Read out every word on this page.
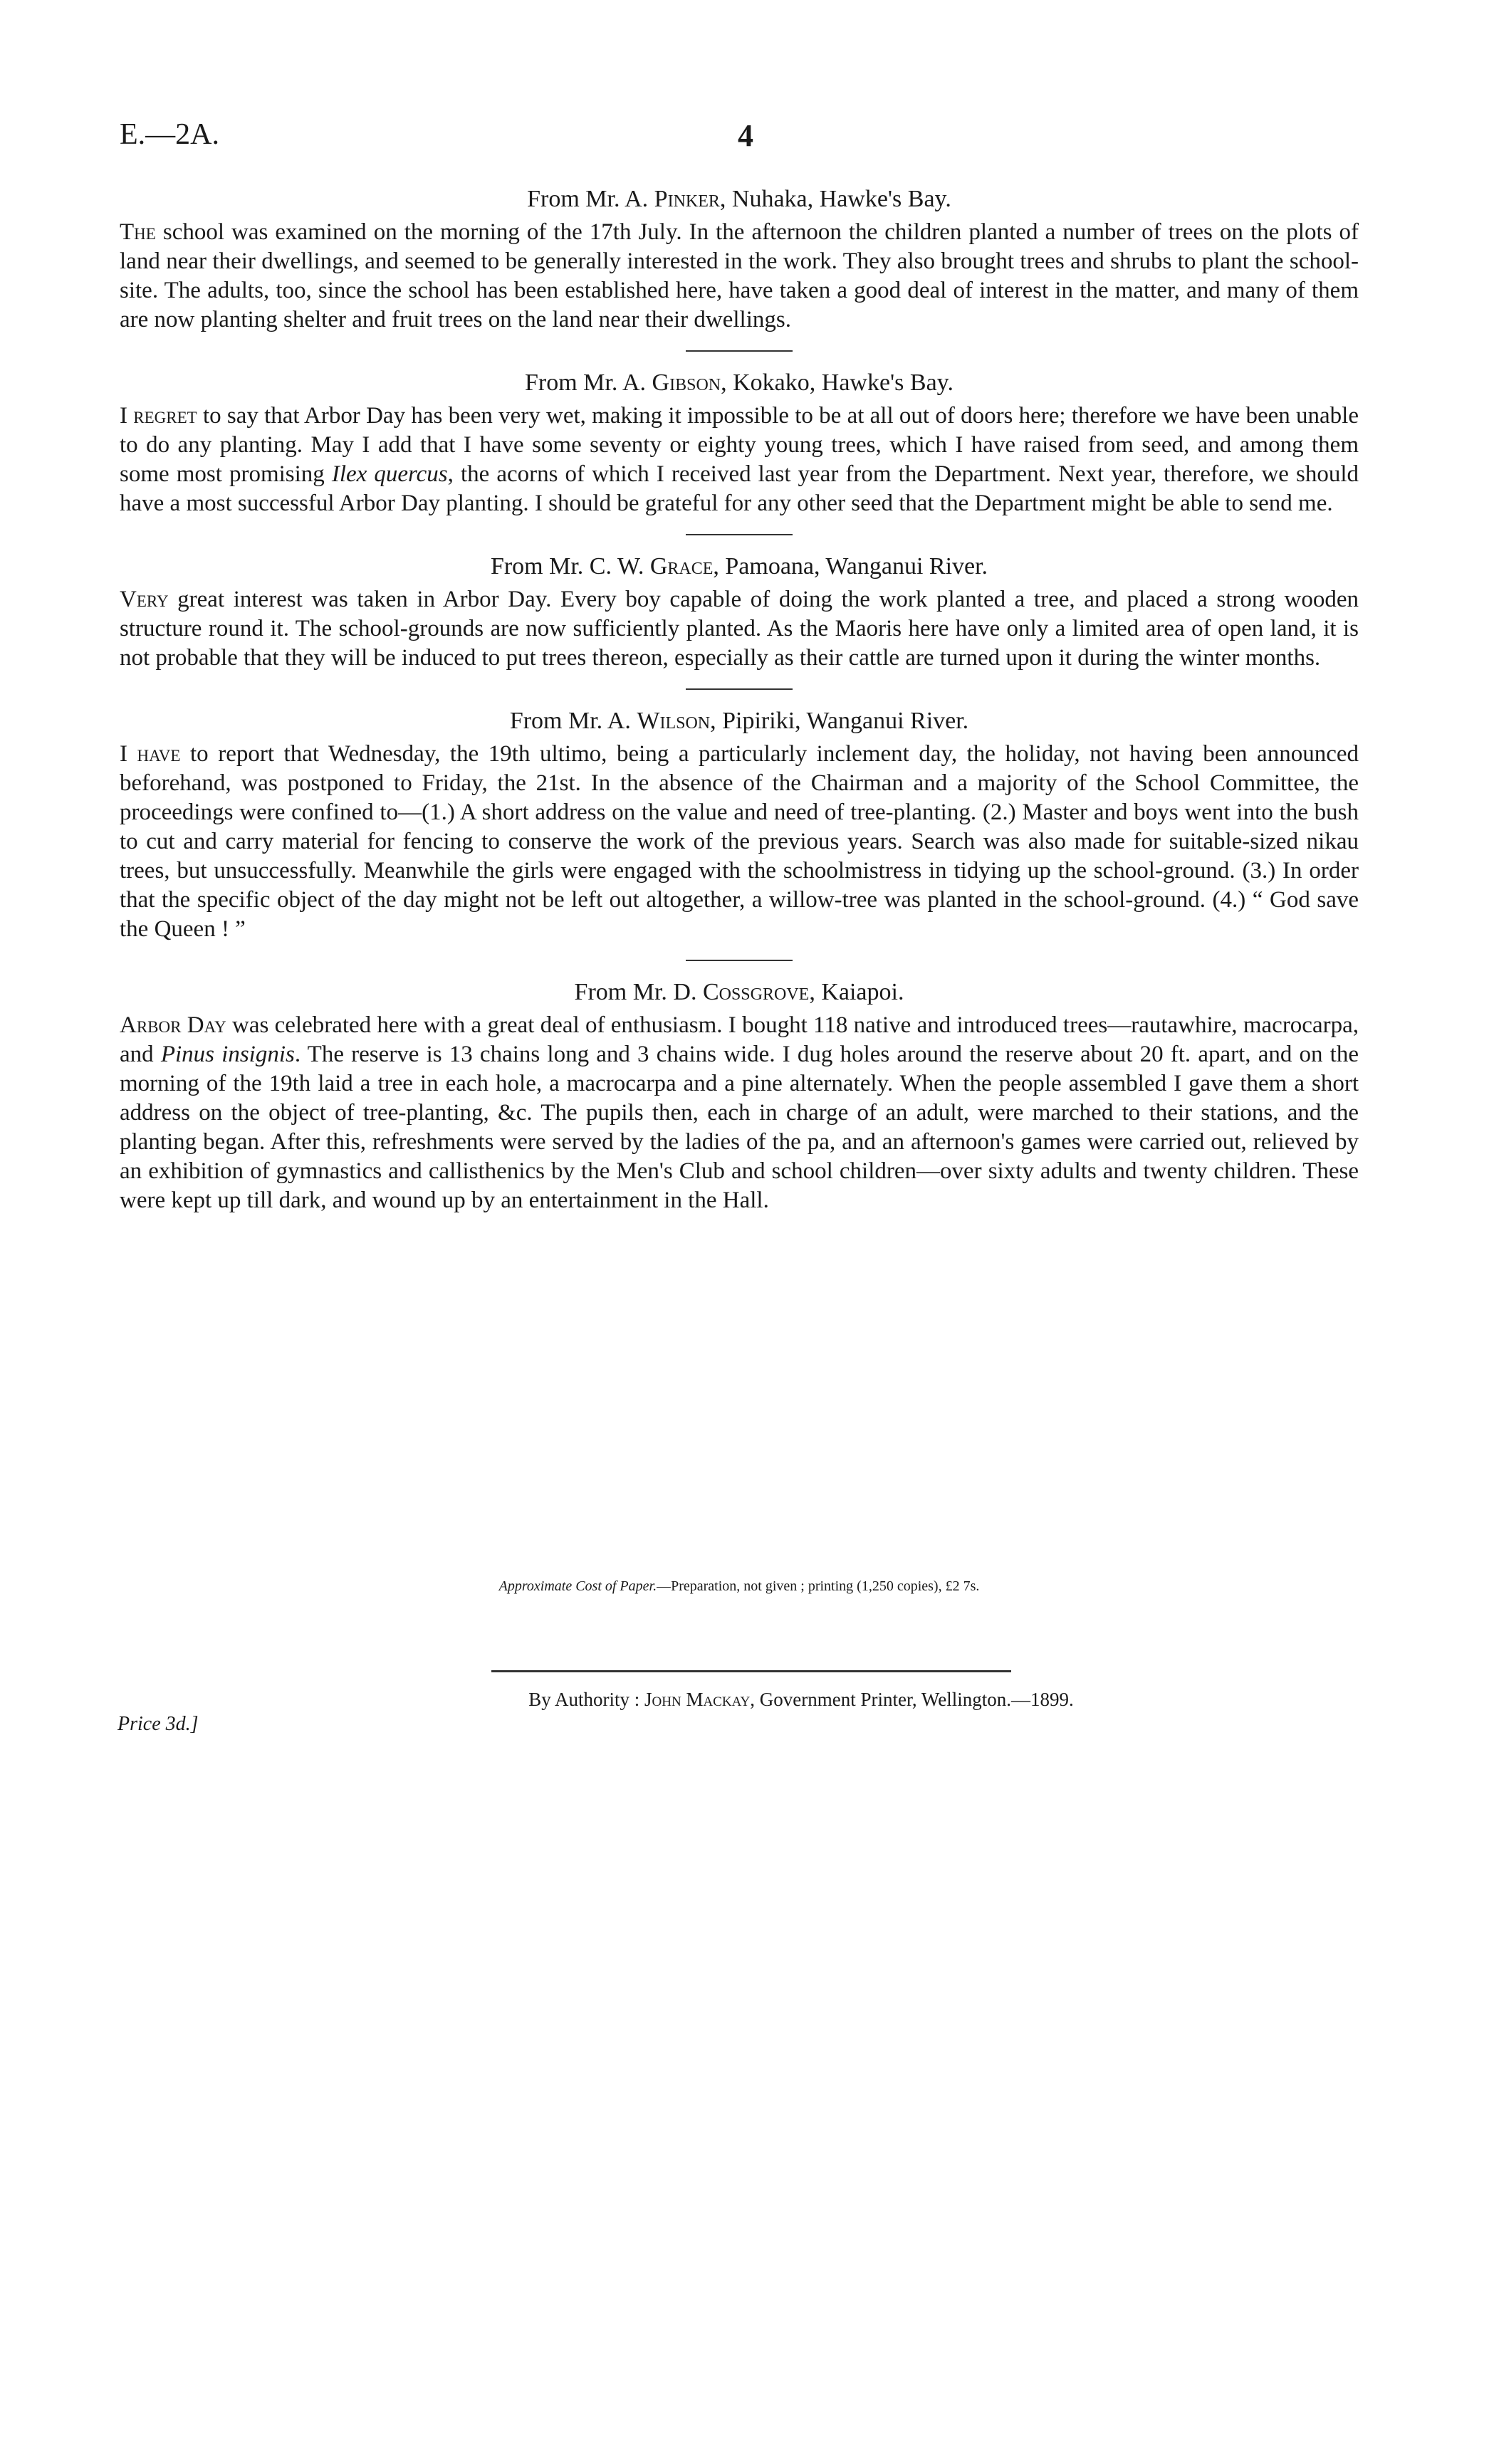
E.—2A.	4

From Mr. A. Pinker, Nuhaka, Hawke's Bay.

The school was examined on the morning of the 17th July. In the afternoon the children planted a number of trees on the plots of land near their dwellings, and seemed to be generally interested in the work. They also brought trees and shrubs to plant the school-site. The adults, too, since the school has been established here, have taken a good deal of interest in the matter, and many of them are now planting shelter and fruit trees on the land near their dwellings.

From Mr. A. Gibson, Kokako, Hawke's Bay.

I regret to say that Arbor Day has been very wet, making it impossible to be at all out of doors here; therefore we have been unable to do any planting. May I add that I have some seventy or eighty young trees, which I have raised from seed, and among them some most promising Ilex quercus, the acorns of which I received last year from the Department. Next year, therefore, we should have a most successful Arbor Day planting. I should be grateful for any other seed that the Department might be able to send me.

From Mr. C. W. Grace, Pamoana, Wanganui River.

Very great interest was taken in Arbor Day. Every boy capable of doing the work planted a tree, and placed a strong wooden structure round it. The school-grounds are now sufficiently planted. As the Maoris here have only a limited area of open land, it is not probable that they will be induced to put trees thereon, especially as their cattle are turned upon it during the winter months.

From Mr. A. Wilson, Pipiriki, Wanganui River.

I have to report that Wednesday, the 19th ultimo, being a particularly inclement day, the holiday, not having been announced beforehand, was postponed to Friday, the 21st. In the absence of the Chairman and a majority of the School Committee, the proceedings were confined to—(1.) A short address on the value and need of tree-planting. (2.) Master and boys went into the bush to cut and carry material for fencing to conserve the work of the previous years. Search was also made for suitable-sized nikau trees, but unsuccessfully. Meanwhile the girls were engaged with the schoolmistress in tidying up the school-ground. (3.) In order that the specific object of the day might not be left out altogether, a willow-tree was planted in the school-ground. (4.) “ God save the Queen ! ”

From Mr. D. Cossgrove, Kaiapoi.

Arbor Day was celebrated here with a great deal of enthusiasm. I bought 118 native and introduced trees—rautawhire, macrocarpa, and Pinus insignis. The reserve is 13 chains long and 3 chains wide. I dug holes around the reserve about 20 ft. apart, and on the morning of the 19th laid a tree in each hole, a macrocarpa and a pine alternately. When the people assembled I gave them a short address on the object of tree-planting, &c. The pupils then, each in charge of an adult, were marched to their stations, and the planting began. After this, refreshments were served by the ladies of the pa, and an afternoon's games were carried out, relieved by an exhibition of gymnastics and callisthenics by the Men's Club and school children—over sixty adults and twenty children. These were kept up till dark, and wound up by an entertainment in the Hall.

Approximate Cost of Paper.—Preparation, not given ; printing (1,250 copies), £2 7s.
By Authority : John Mackay, Government Printer, Wellington.—1899.
Price 3d.]
